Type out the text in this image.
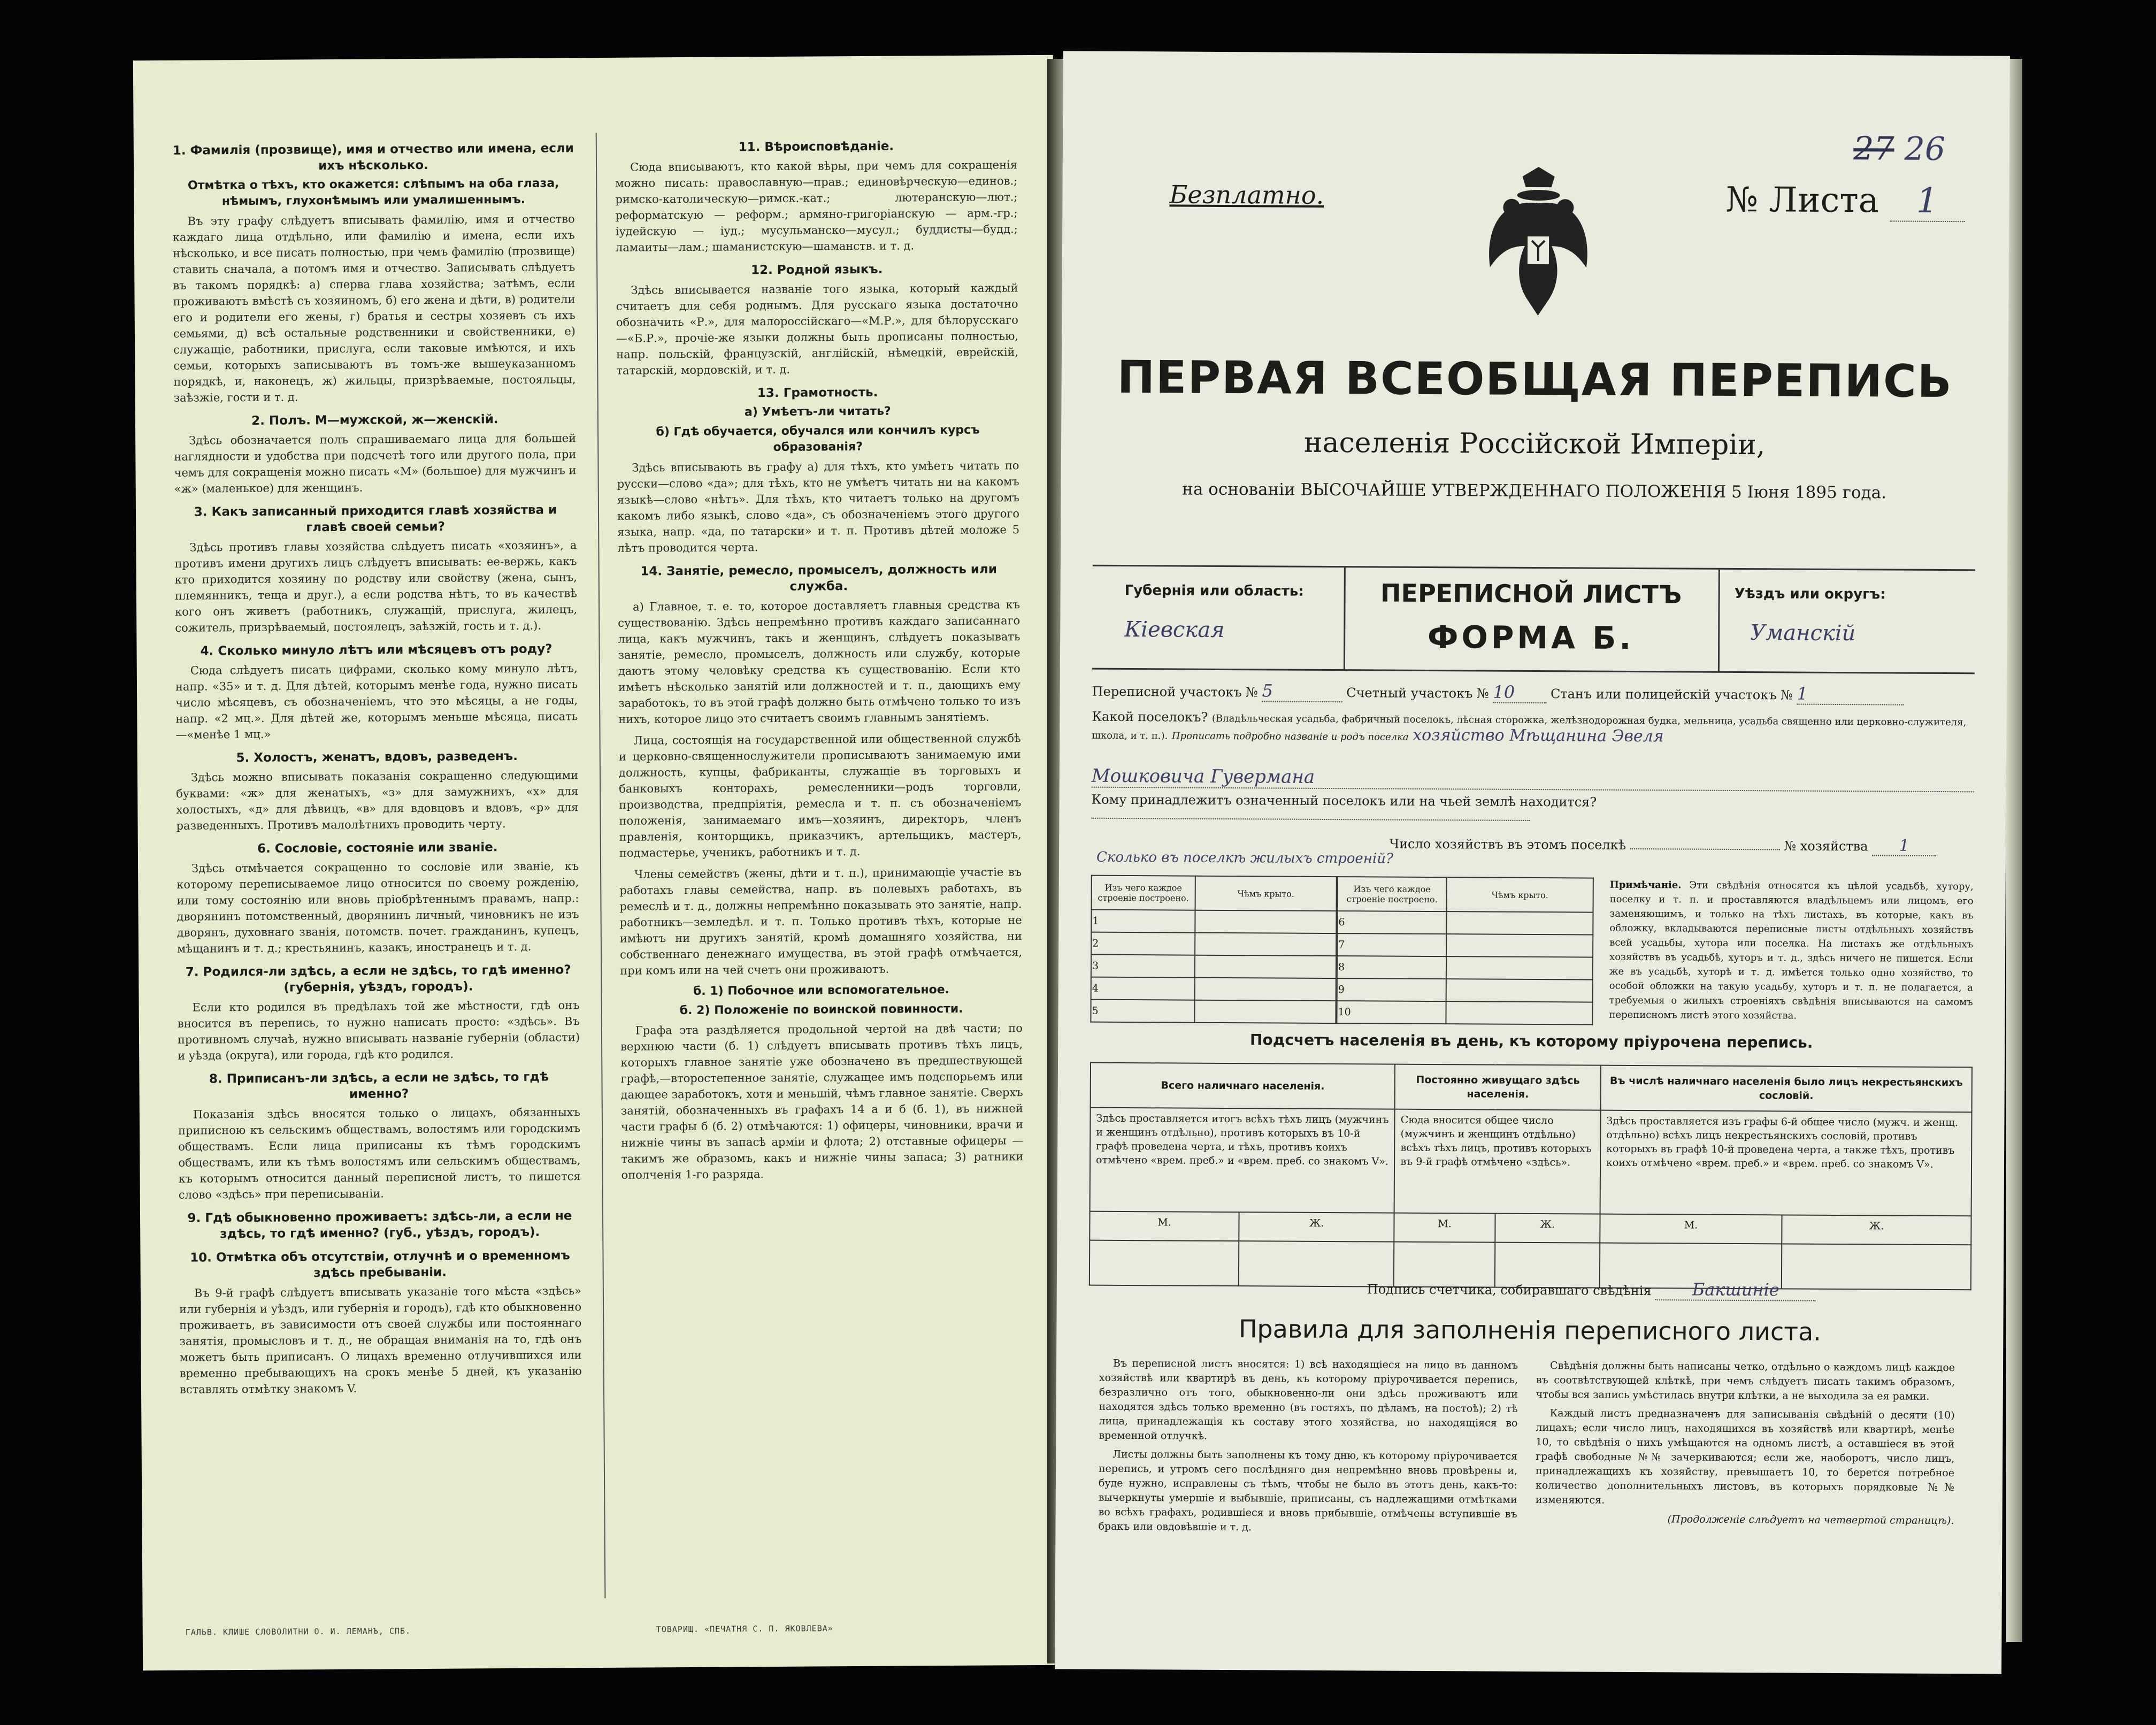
1. Фамилія (прозвище), имя и отчество или имена, если ихъ нѣсколько.
Отмѣтка о тѣхъ, кто окажется: слѣпымъ на оба глаза, нѣмымъ, глухонѣмымъ или умалишеннымъ.

Въ эту графу слѣдуетъ вписывать фамилію, имя и отчество каждаго лица отдѣльно, или фамилію и имена, если ихъ нѣсколько, и все писать полностью, при чемъ фамилію (прозвище) ставить сначала, а потомъ имя и отчество. Записывать слѣдуетъ въ такомъ порядкѣ: а) сперва глава хозяйства; затѣмъ, если проживаютъ вмѣстѣ съ хозяиномъ, б) его жена и дѣти, в) родители его и родители его жены, г) братья и сестры хозяевъ съ ихъ семьями, д) всѣ остальные родственники и свойственники, е) служащіе, работники, прислуга, если таковые имѣются, и ихъ семьи, которыхъ записываютъ въ томъ-же вышеуказанномъ порядкѣ, и, наконецъ, ж) жильцы, призрѣваемые, постояльцы, заѣзжіе, гости и т. д.

2. Полъ. М—мужской, ж—женскій.

Здѣсь обозначается полъ спрашиваемаго лица для большей наглядности и удобства при подсчетѣ того или другого пола, при чемъ для сокращенія можно писать «М» (большое) для мужчинъ и «ж» (маленькое) для женщинъ.

3. Какъ записанный приходится главѣ хозяйства и главѣ своей семьи?

Здѣсь противъ главы хозяйства слѣдуетъ писать «хозяинъ», а противъ имени другихъ лицъ слѣдуетъ вписывать: ее-вержь, какъ кто приходится хозяину по родству или свойству (жена, сынъ, племянникъ, теща и друг.), а если родства нѣтъ, то въ качествѣ кого онъ живетъ (работникъ, служащій, прислуга, жилецъ, сожитель, призрѣваемый, постоялецъ, заѣзжій, гость и т. д.).

4. Сколько минуло лѣтъ или мѣсяцевъ отъ роду?

Сюда слѣдуетъ писать цифрами, сколько кому минуло лѣтъ, напр. «35» и т. д. Для дѣтей, которымъ менѣе года, нужно писать число мѣсяцевъ, съ обозначеніемъ, что это мѣсяцы, а не годы, напр. «2 мц.». Для дѣтей же, которымъ меньше мѣсяца, писать—«менѣе 1 мц.»

5. Холостъ, женатъ, вдовъ, разведенъ.

Здѣсь можно вписывать показанія сокращенно следующими буквами: «ж» для женатыхъ, «з» для замужнихъ, «х» для холостыхъ, «д» для дѣвицъ, «в» для вдовцовъ и вдовъ, «р» для разведенныхъ. Противъ малолѣтнихъ проводить черту.

6. Сословіе, состояніе или званіе.

Здѣсь отмѣчается сокращенно то сословіе или званіе, къ которому переписываемое лицо относится по своему рожденію, или тому состоянію или вновь пріобрѣтеннымъ правамъ, напр.: дворянинъ потомственный, дворянинъ личный, чиновникъ не изъ дворянъ, духовнаго званія, потомств. почет. гражданинъ, купецъ, мѣщанинъ и т. д.; крестьянинъ, казакъ, иностранецъ и т. д.

7. Родился-ли здѣсь, а если не здѣсь, то гдѣ именно? (губернія, уѣздъ, городъ).

Если кто родился въ предѣлахъ той же мѣстности, гдѣ онъ вносится въ перепись, то нужно написать просто: «здѣсь». Въ противномъ случаѣ, нужно вписывать названіе губерніи (области) и уѣзда (округа), или города, гдѣ кто родился.

8. Приписанъ-ли здѣсь, а если не здѣсь, то гдѣ именно?

Показанія здѣсь вносятся только о лицахъ, обязанныхъ приписною къ сельскимъ обществамъ, волостямъ или городскимъ обществамъ. Если лица приписаны къ тѣмъ городскимъ обществамъ, или къ тѣмъ волостямъ или сельскимъ обществамъ, къ которымъ относится данный переписной листъ, то пишется слово «здѣсь» при переписыванiи.

9. Гдѣ обыкновенно проживаетъ: здѣсь-ли, а если не здѣсь, то гдѣ именно? (губ., уѣздъ, городъ).
10. Отмѣтка объ отсутствіи, отлучнѣ и о временномъ здѣсь пребываніи.

Въ 9-й графѣ слѣдуетъ вписывать указаніе того мѣста «здѣсь» или губернія и уѣздъ, или губернія и городъ), гдѣ кто обыкновенно проживаетъ, въ зависимости отъ своей службы или постояннаго занятія, промысловъ и т. д., не обращая вниманія на то, гдѣ онъ можетъ быть приписанъ. О лицахъ временно отлучившихся или временно пребывающихъ на срокъ менѣе 5 дней, къ указанiю вставлять отмѣтку знакомъ V.

11. Вѣроисповѣданіе.

Сюда вписываютъ, кто какой вѣры, при чемъ для сокращенія можно писать: православную—прав.; единовѣрческую—единов.; римско-католическую—римск.-кат.; лютеранскую—лют.; реформатскую — реформ.; армяно-григоріанскую — арм.-гр.; іудейскую — іуд.; мусульманско—мусул.; буддисты—будд.; ламаиты—лам.; шаманистскую—шаманств. и т. д.

12. Родной языкъ.

Здѣсь вписывается названіе того языка, который каждый считаетъ для себя роднымъ. Для русскаго языка достаточно обозначить «Р.», для малороссійскаго—«М.Р.», для бѣлорусскаго—«Б.Р.», прочiе-же языки должны быть прописаны полностью, напр. польскій, французскій, англійскій, нѣмецкій, еврейскій, татарскій, мордовскій, и т. д.

13. Грамотность.
а) Умѣетъ-ли читать?
б) Гдѣ обучается, обучался или кончилъ курсъ образованія?

Здѣсь вписывають въ графу а) для тѣхъ, кто умѣетъ читать по русски—слово «да»; для тѣхъ, кто не умѣетъ читать ни на какомъ языкѣ—слово «нѣтъ». Для тѣхъ, кто читаетъ только на другомъ какомъ либо языкѣ, слово «да», съ обозначеніемъ этого другого языка, напр. «да, по татарски» и т. п. Противъ дѣтей моложе 5 лѣтъ проводится черта.

14. Занятіе, ремесло, промыселъ, должность или служба.

а) Главное, т. е. то, которое доставляетъ главныя средства къ существованію. Здѣсь непремѣнно противъ каждаго записаннаго лица, какъ мужчинъ, такъ и женщинъ, слѣдуетъ показывать занятіе, ремесло, промыселъ, должность или службу, которые даютъ этому человѣку средства къ существованію. Если кто имѣетъ нѣсколько занятій или должностей и т. п., дающихъ ему заработокъ, то въ этой графѣ должно быть отмѣчено только то изъ нихъ, которое лицо это считаетъ своимъ главнымъ занятіемъ.

Лица, состоящія на государственной или общественной службѣ и церковно-священнослужители прописываютъ занимаемую ими должность, купцы, фабриканты, служащіе въ торговыхъ и банковыхъ конторахъ, ремесленники—родъ торговли, производства, предпріятія, ремесла и т. п. съ обозначеніемъ положенія, занимаемаго имъ—хозяинъ, директоръ, членъ правленія, конторщикъ, приказчикъ, артельщикъ, мастеръ, подмастерье, ученикъ, работникъ и т. д.

Члены семействъ (жены, дѣти и т. п.), принимающіе участіе въ работахъ главы семейства, напр. въ полевыхъ работахъ, въ ремеслѣ и т. д., должны непремѣнно показывать это занятіе, напр. работникъ—земледѣл. и т. п. Только противъ тѣхъ, которые не имѣютъ ни другихъ занятій, кромѣ домашняго хозяйства, ни собственнаго денежнаго имущества, въ этой графѣ отмѣчается, при комъ или на чей счетъ они проживаютъ.

б. 1) Побочное или вспомогательное.
б. 2) Положеніе по воинской повинности.

Графа эта раздѣляется продольной чертой на двѣ части; по верхнюю части (б. 1) слѣдуетъ вписывать противъ тѣхъ лицъ, которыхъ главное занятіе уже обозначено въ предшествующей графѣ,—второстепенное занятіе, служащее имъ подспорьемъ или дающее заработокъ, хотя и меньшій, чѣмъ главное занятіе. Сверхъ занятій, обозначенныхъ въ графахъ 14 а и б (б. 1), въ нижней части графы б (б. 2) отмѣчаются: 1) офицеры, чиновники, врачи и нижніе чины въ запасѣ армiи и флота; 2) отставные офицеры — такимъ же образомъ, какъ и нижніе чины запаса; 3) ратники ополченія 1-го разряда.

ГАЛЬВ. КЛИШЕ СЛОВОЛИТНИ О. И. ЛЕМАНЪ, СПБ.	ТОВАРИЩ. «ПЕЧАТНЯ С. П. ЯКОВЛЕВА»
27 26
Безплатно.	№ Листа 1
ПЕРВАЯ ВСЕОБЩАЯ ПЕРЕПИСЬ
населенія Россійской Имперіи,
на основаніи ВЫСОЧАЙШЕ УТВЕРЖДЕННАГО ПОЛОЖЕНІЯ 5 Іюня 1895 года.
Губернія или область:
Кіевская
ПЕРЕПИСНОЙ ЛИСТЪ
ФОРМА Б.
Уѣздъ или округъ:
Уманскій
Переписной участокъ № 5	Счетный участокъ № 10	Станъ или полицейскій участокъ № 1
Какой поселокъ? (Владѣльческая усадьба, фабричный поселокъ, лѣсная сторожка, желѣзнодорожная будка, мельница, усадьба священно или церковно-служителя, школа, и т. п.). Прописать подробно названіе и родъ поселка хозяйство Мѣщанина Эвеля
Мошковича Гувермана
Кому принадлежитъ означенный поселокъ или на чьей землѣ находится?
Число хозяйствъ въ этомъ поселкѣ	№ хозяйства 1
Сколько въ поселкѣ жилыхъ строеній?
Изъ чего каждое строеніе построено.	Чѣмъ крыто.
1	
2	
3	
4	
5	
Изъ чего каждое строеніе построено.	Чѣмъ крыто.
6	
7	
8	
9	
10	
Примѣчаніе. Эти свѣдѣнія относятся къ цѣлой усадьбѣ, хутору, поселку и т. п. и проставляются владѣльцемъ или лицомъ, его заменяющимъ, и только на тѣхъ листахъ, въ которые, какъ въ обложку, вкладываются переписные листы отдѣльныхъ хозяйствъ всей усадьбы, хутора или поселка. На листахъ же отдѣльныхъ хозяйствъ въ усадьбѣ, хуторъ и т. д., здѣсь ничего не пишется. Если же въ усадьбѣ, хуторѣ и т. д. имѣется только одно хозяйство, то особой обложки на такую усадьбу, хуторъ и т. п. не полагается, а требуемыя о жилыхъ строеніяхъ свѣдѣнія вписываются на самомъ переписномъ листѣ этого хозяйства.
Подсчетъ населенія въ день, къ которому пріурочена перепись.
Всего наличнаго населенія.		Постоянно живущаго здѣсь населенія.		Въ числѣ наличнаго населенія было лицъ некрестьянскихъ сословій.	
Здѣсь проставляется итогъ всѣхъ тѣхъ лицъ (мужчинъ и женщинъ отдѣльно), противъ которыхъ въ 10-й графѣ проведена черта, и тѣхъ, противъ коихъ отмѣчено «врем. преб.» и «врем. преб. со знакомъ V».		Сюда вносится общее число (мужчинъ и женщинъ отдѣльно) всѣхъ тѣхъ лицъ, противъ которыхъ въ 9-й графѣ отмѣчено «здѣсь».		Здѣсь проставляется изъ графы 6-й общее число (мужч. и женщ. отдѣльно) всѣхъ лицъ некрестьянскихъ сословій, противъ которыхъ въ графѣ 10-й проведена черта, а также тѣхъ, противъ коихъ отмѣчено «врем. преб.» и «врем. преб. со знакомъ V».	
М.	Ж.	М.	Ж.	М.	Ж.

Подпись счетчика, собиравшаго свѣдѣнія Бакшиніе
Правила для заполненія переписного листа.

Въ переписной листъ вносятся: 1) всѣ находящiеся на лицо въ данномъ хозяйствѣ или квартирѣ въ день, къ которому пріурочивается перепись, безразлично отъ того, обыкновенно-ли они здѣсь проживаютъ или находятся здѣсь только временно (въ гостяхъ, по дѣламъ, на постоѣ); 2) тѣ лица, принадлежащія къ составу этого хозяйства, но находящіяся во временной отлучкѣ.

Листы должны быть заполнены къ тому дню, къ которому пріурочивается перепись, и утромъ сего послѣдняго дня непремѣнно вновь провѣрены и, буде нужно, исправлены съ тѣмъ, чтобы не было въ этотъ день, какъ-то: вычеркнуты умершіе и выбывшіе, приписаны, съ надлежащими отмѣтками во всѣхъ графахъ, родившiеся и вновь прибывшіе, отмѣчены вступившіе въ бракъ или овдовѣвшіе и т. д.

Свѣдѣнія должны быть написаны четко, отдѣльно о каждомъ лицѣ каждое въ соотвѣтствующей клѣткѣ, при чемъ слѣдуетъ писать такимъ образомъ, чтобы вся запись умѣстилась внутри клѣтки, а не выходила за ея рамки.

Каждый листъ предназначенъ для записыванія свѣдѣній о десяти (10) лицахъ; если число лицъ, находящихся въ хозяйствѣ или квартирѣ, менѣе 10, то свѣдѣнія о нихъ умѣщаются на одномъ листѣ, а оставшіеся въ этой графѣ свободные №№ зачеркиваются; если же, наоборотъ, число лицъ, принадлежащихъ къ хозяйству, превышаетъ 10, то берется потребное количество дополнительныхъ листовъ, въ которыхъ порядковые №№ изменяются.

(Продолженіе слѣдуетъ на четвертой страницѣ).
